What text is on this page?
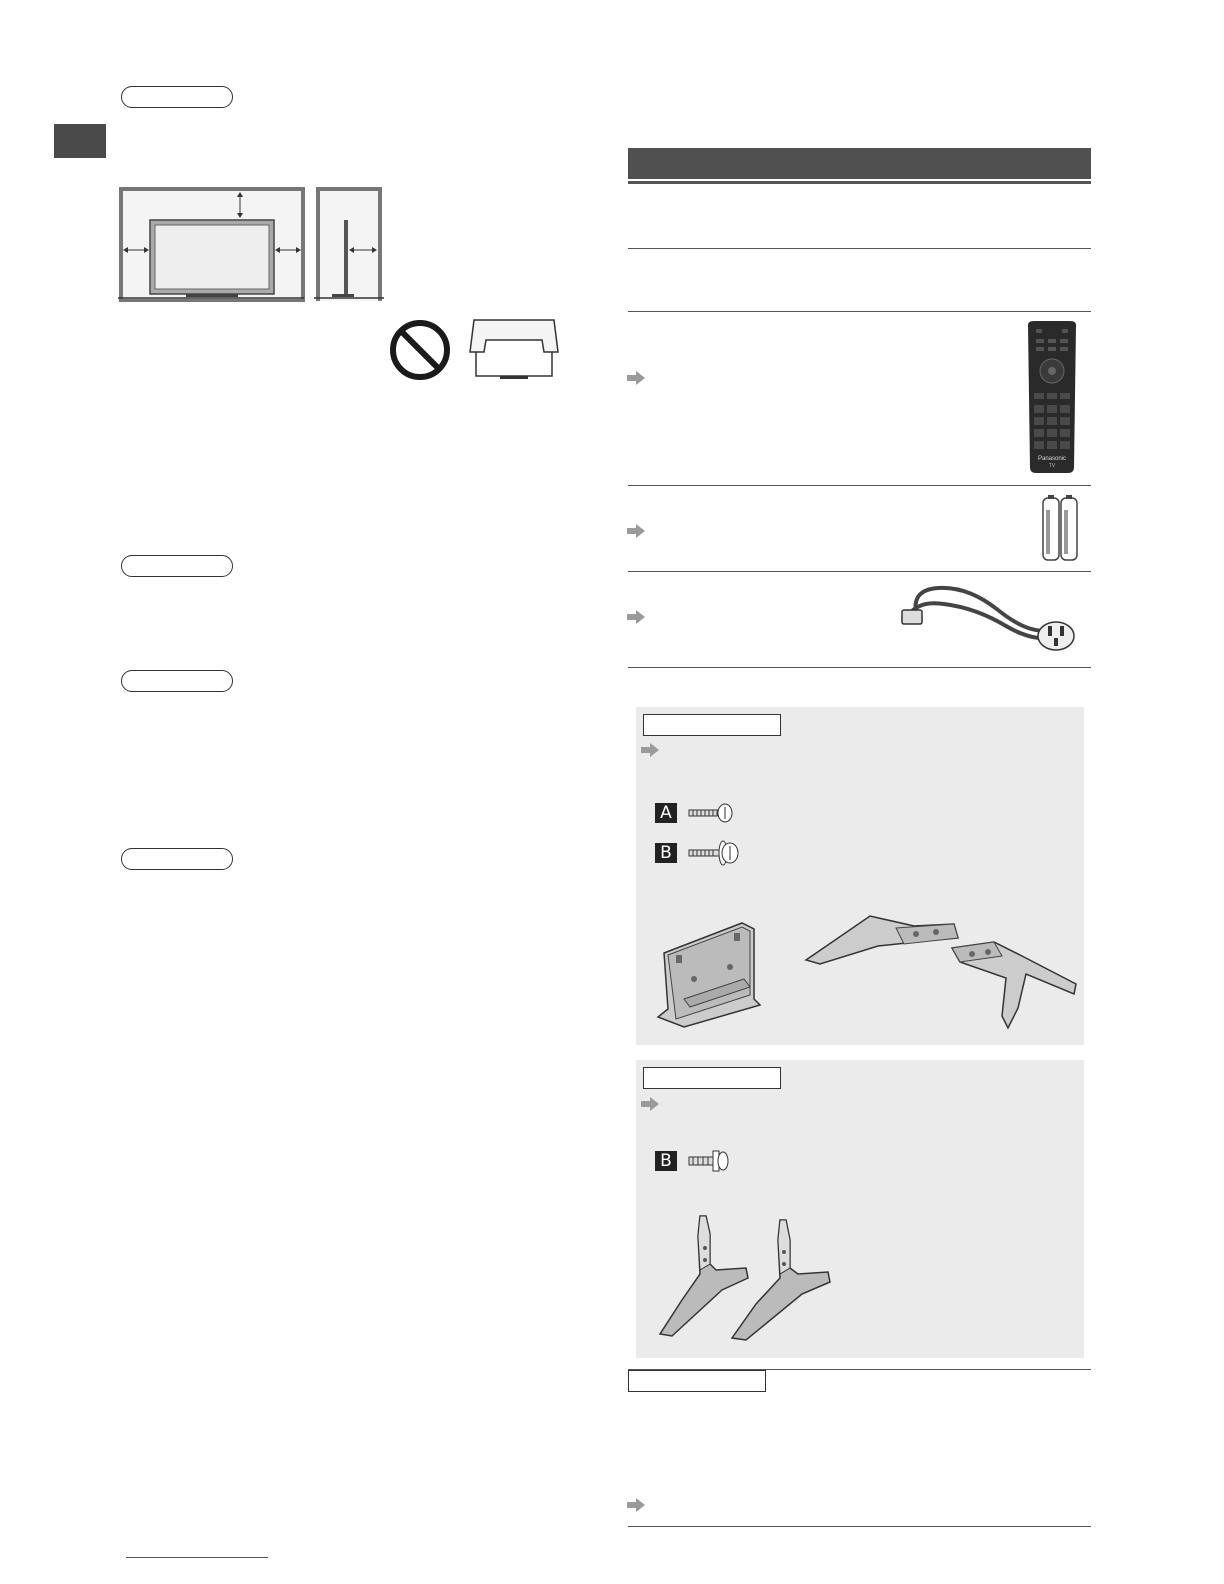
Panasonic
TV
A
B
B
